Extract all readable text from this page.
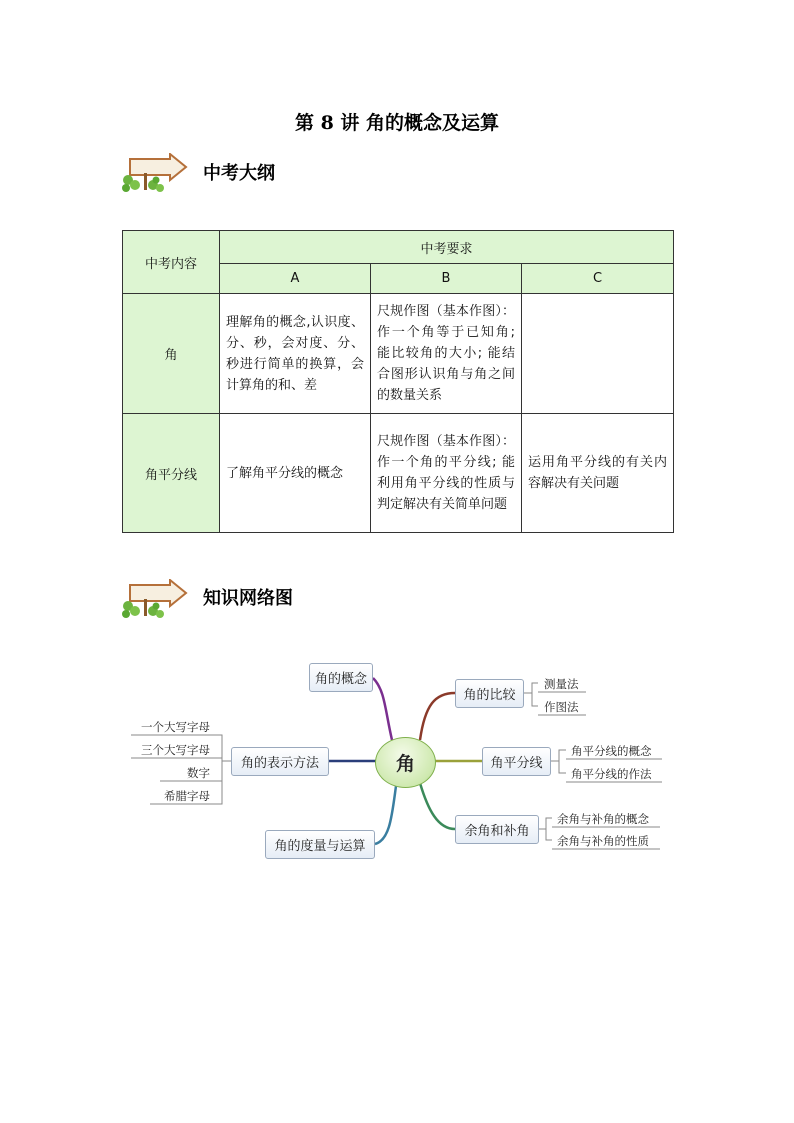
第 8 讲 角的概念及运算
中考大纲
中考内容	中考要求		
	A	B	C
角	理解角的概念,认识度、分、秒，会对度、分、秒进行简单的换算，会计算角的和、差	尺规作图（基本作图）：作一个角等于已知角; 能比较角的大小; 能结合图形认识角与角之间的数量关系	
角平分线	了解角平分线的概念	尺规作图（基本作图）：作一个角的平分线; 能利用角平分线的性质与判定解决有关简单问题	运用角平分线的有关内容解决有关问题
知识网络图
角
角的概念
角的比较
角的表示方法	角平分线
余角和补角
角的度量与运算
测量法
作图法
角平分线的概念
角平分线的作法
余角与补角的概念
余角与补角的性质
一个大写字母
三个大写字母
数字
希腊字母
